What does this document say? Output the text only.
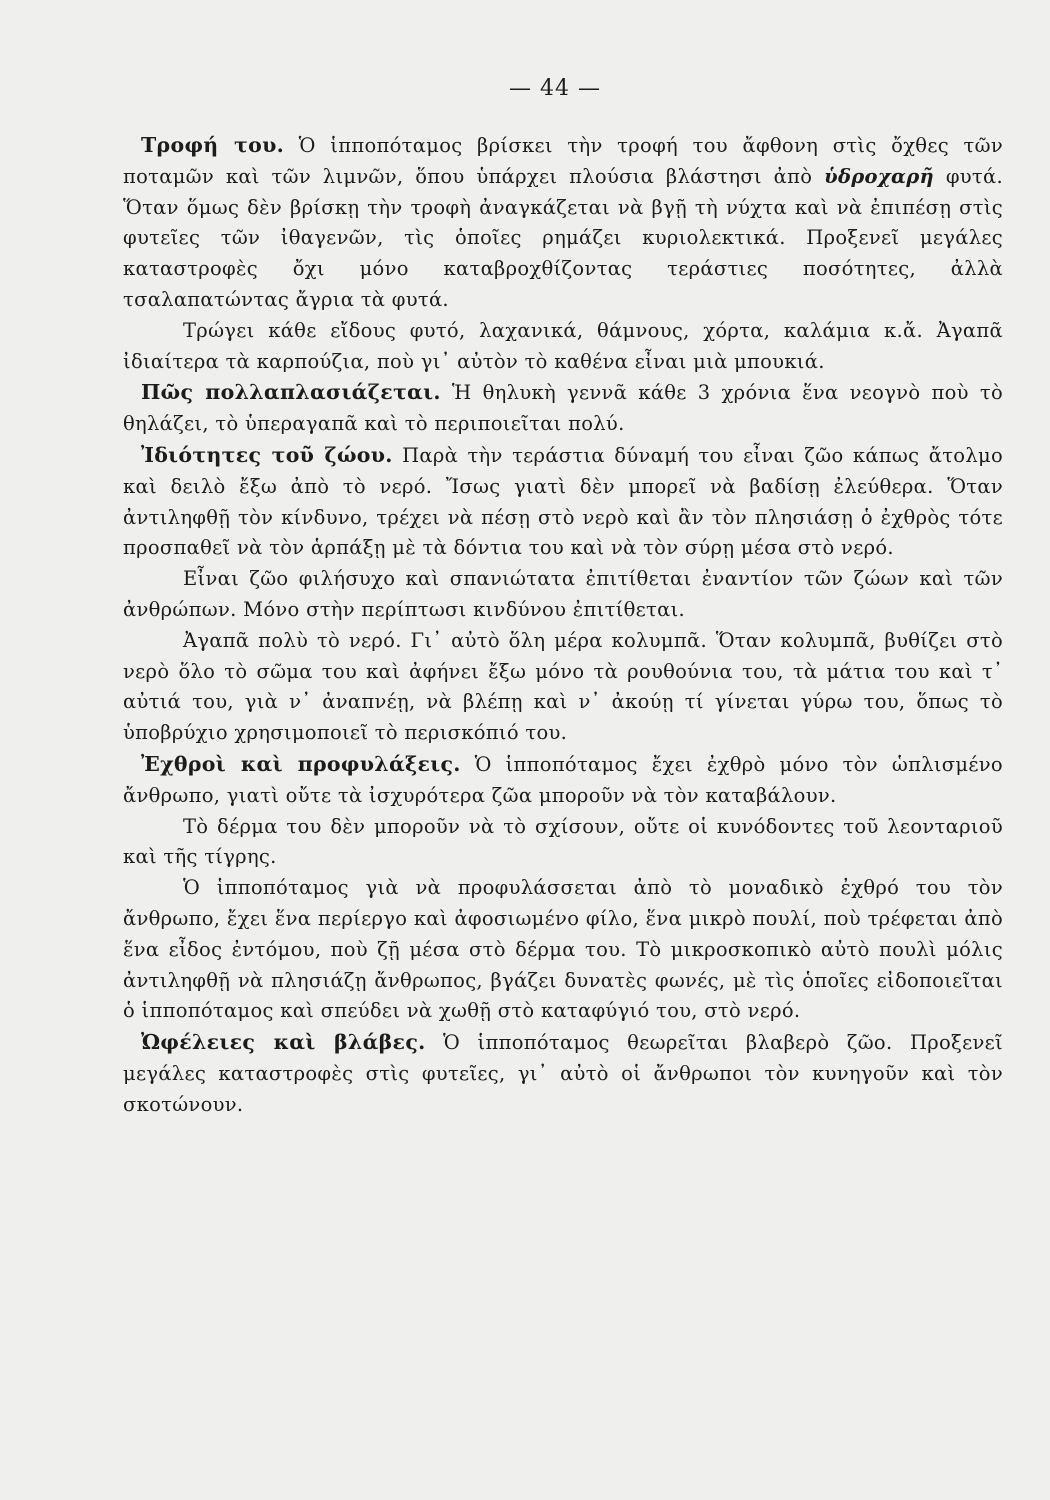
— 44 —

Τροφή του. Ὁ ἱπποπόταμος βρίσκει τὴν τροφή του ἄφθονη στὶς ὄχθες τῶν ποταμῶν καὶ τῶν λιμνῶν, ὅπου ὑπάρχει πλούσια βλάστησι ἀπὸ ὑδροχαρῆ φυτά. Ὅταν ὅμως δὲν βρίσκῃ τὴν τροφὴ ἀναγκάζεται νὰ βγῇ τὴ νύχτα καὶ νὰ ἐπιπέσῃ στὶς φυτεῖες τῶν ἰθαγενῶν, τὶς ὁποῖες ρημάζει κυριολεκτικά. Προξενεῖ μεγάλες καταστροφὲς ὄχι μόνο καταβροχθίζοντας τεράστιες ποσότητες, ἀλλὰ τσαλαπατώντας ἄγρια τὰ φυτά.

Τρώγει κάθε εἴδους φυτό, λαχανικά, θάμνους, χόρτα, καλάμια κ.ἄ. Ἀγαπᾶ ἰδιαίτερα τὰ καρπούζια, ποὺ γι᾽ αὐτὸν τὸ καθένα εἶναι μιὰ μπουκιά.

Πῶς πολλαπλασιάζεται. Ἡ θηλυκὴ γεννᾶ κάθε 3 χρόνια ἕνα νεογνὸ ποὺ τὸ θηλάζει, τὸ ὑπεραγαπᾶ καὶ τὸ περιποιεῖται πολύ.

Ἰδιότητες τοῦ ζώου. Παρὰ τὴν τεράστια δύναμή του εἶναι ζῶο κάπως ἄτολμο καὶ δειλὸ ἔξω ἀπὸ τὸ νερό. Ἴσως γιατὶ δὲν μπορεῖ νὰ βαδίσῃ ἐλεύθερα. Ὅταν ἀντιληφθῇ τὸν κίνδυνο, τρέχει νὰ πέσῃ στὸ νερὸ καὶ ἂν τὸν πλησιάσῃ ὁ ἐχθρὸς τότε προσπαθεῖ νὰ τὸν ἁρπάξῃ μὲ τὰ δόντια του καὶ νὰ τὸν σύρῃ μέσα στὸ νερό.

Εἶναι ζῶο φιλήσυχο καὶ σπανιώτατα ἐπιτίθεται ἐναντίον τῶν ζώων καὶ τῶν ἀνθρώπων. Μόνο στὴν περίπτωσι κινδύνου ἐπιτίθεται.

Ἀγαπᾶ πολὺ τὸ νερό. Γι᾽ αὐτὸ ὅλη μέρα κολυμπᾶ. Ὅταν κολυμπᾶ, βυθίζει στὸ νερὸ ὅλο τὸ σῶμα του καὶ ἀφήνει ἔξω μόνο τὰ ρουθούνια του, τὰ μάτια του καὶ τ᾽ αὐτιά του, γιὰ ν᾽ ἀναπνέῃ, νὰ βλέπῃ καὶ ν᾽ ἀκούῃ τί γίνεται γύρω του, ὅπως τὸ ὑποβρύχιο χρησιμοποιεῖ τὸ περισκόπιό του.

Ἐχθροὶ καὶ προφυλάξεις. Ὁ ἱπποπόταμος ἔχει ἐχθρὸ μόνο τὸν ὡπλισμένο ἄνθρωπο, γιατὶ οὔτε τὰ ἰσχυρότερα ζῶα μποροῦν νὰ τὸν καταβάλουν.

Τὸ δέρμα του δὲν μποροῦν νὰ τὸ σχίσουν, οὔτε οἱ κυνόδοντες τοῦ λεονταριοῦ καὶ τῆς τίγρης.

Ὁ ἱπποπόταμος γιὰ νὰ προφυλάσσεται ἀπὸ τὸ μοναδικὸ ἐχθρό του τὸν ἄνθρωπο, ἔχει ἕνα περίεργο καὶ ἀφοσιωμένο φίλο, ἕνα μικρὸ πουλί, ποὺ τρέφεται ἀπὸ ἕνα εἶδος ἐντόμου, ποὺ ζῇ μέσα στὸ δέρμα του. Τὸ μικροσκοπικὸ αὐτὸ πουλὶ μόλις ἀντιληφθῇ νὰ πλησιάζῃ ἄνθρωπος, βγάζει δυνατὲς φωνές, μὲ τὶς ὁποῖες εἰδοποιεῖται ὁ ἱπποπόταμος καὶ σπεύδει νὰ χωθῇ στὸ καταφύγιό του, στὸ νερό.

Ὠφέλειες καὶ βλάβες. Ὁ ἱπποπόταμος θεωρεῖται βλαβερὸ ζῶο. Προξενεῖ μεγάλες καταστροφὲς στὶς φυτεῖες, γι᾽ αὐτὸ οἱ ἄνθρωποι τὸν κυνηγοῦν καὶ τὸν σκοτώνουν.
